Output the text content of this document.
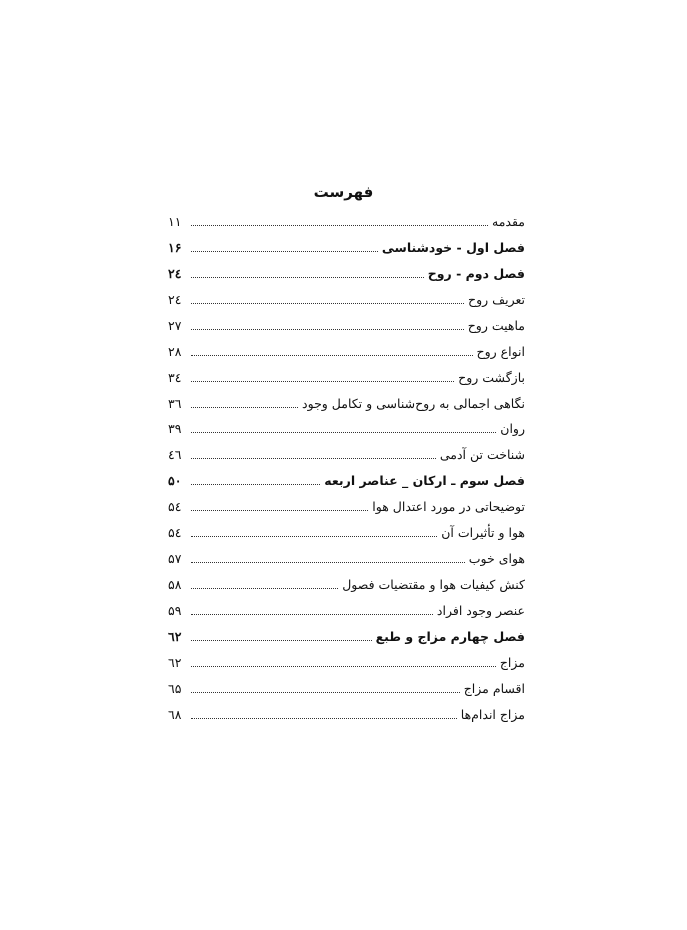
فهرست
مقدمه
۱۱
فصل اول - خودشناسی
۱۶
فصل دوم - روح
۲٤
تعریف روح
۲٤
ماهیت روح
۲۷
انواع روح
۲۸
بازگشت روح
۳٤
نگاهی اجمالی به روح‌شناسی و تکامل وجود
۳٦
روان
۳۹
شناخت تن آدمی
٤٦
فصل سوم ـ ارکان _ عناصر اربعه
۵۰
توضیحاتی در مورد اعتدال هوا
۵٤
هوا و تأثیرات آن
۵٤
هوای خوب
۵۷
کنش کیفیات هوا و مقتضیات فصول
۵۸
عنصر وجود افراد
۵۹
فصل چهارم مزاج و طبع
٦۲
مزاج
٦۲
اقسام مزاج
٦۵
مزاج اندام‌ها
٦۸
